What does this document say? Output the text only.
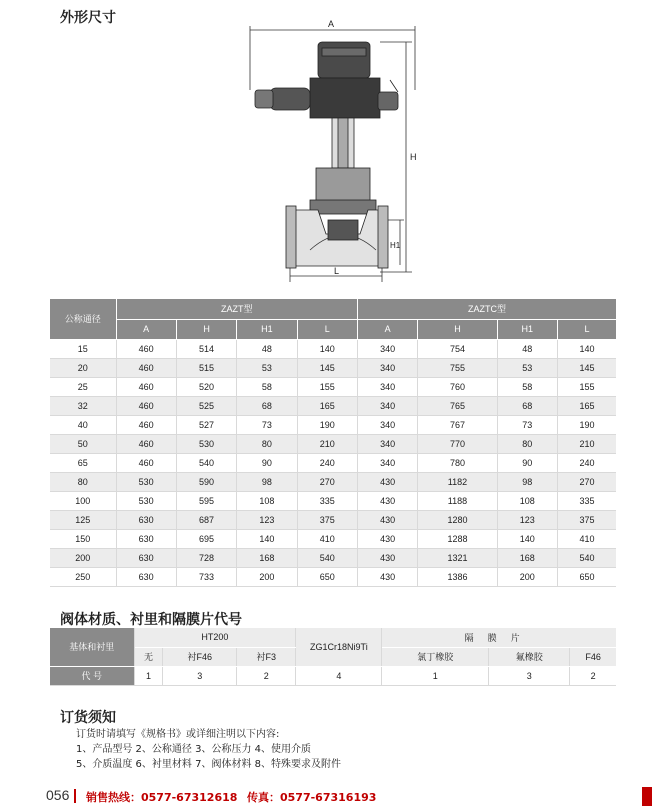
外形尺寸	A
H
H1
L
公称通径	ZAZT型				ZAZTC型			
	A	H	H1	L	A	H	H1	L
15	460	514	48	140	340	754	48	140
20	460	515	53	145	340	755	53	145
25	460	520	58	155	340	760	58	155
32	460	525	68	165	340	765	68	165
40	460	527	73	190	340	767	73	190
50	460	530	80	210	340	770	80	210
65	460	540	90	240	340	780	90	240
80	530	590	98	270	430	1182	98	270
100	530	595	108	335	430	1188	108	335
125	630	687	123	375	430	1280	123	375
150	630	695	140	410	430	1288	140	410
200	630	728	168	540	430	1321	168	540
250	630	733	200	650	430	1386	200	650
阀体材质、衬里和隔膜片代号
基体和衬里	HT200			ZG1Cr18Ni9Ti	隔膜片		
	无	衬F46	衬F3		氯丁橡胶	氟橡胶	F46
代 号	1	3	2	4	1	3	2
订货须知
订货时请填写《规格书》或详细注明以下内容:
1、产品型号 2、公称通径 3、公称压力 4、使用介质
5、介质温度 6、衬里材料 7、阀体材料 8、特殊要求及附件
056 销售热线：0577-67312618 传真：0577-67316193
